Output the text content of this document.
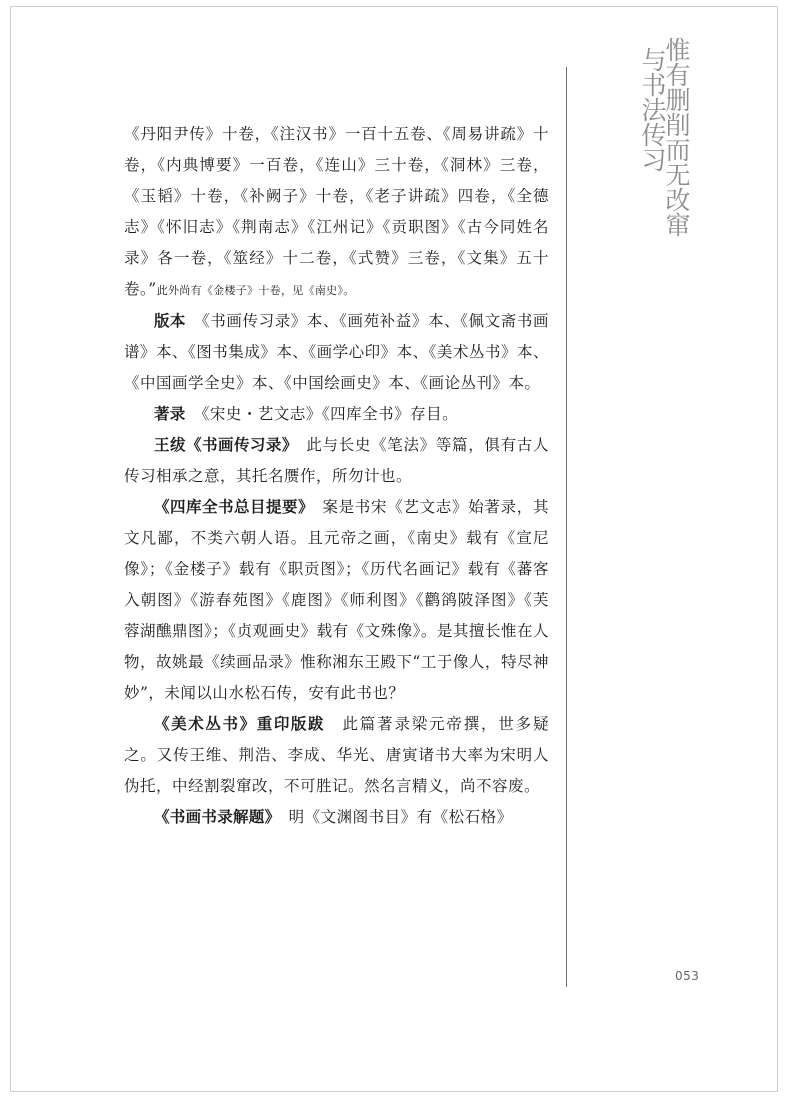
《丹阳尹传》十卷，《注汉书》一百十五卷、《周易讲疏》十卷，《内典博要》一百卷，《连山》三十卷，《洞林》三卷，《玉韬》十卷，《补阙子》十卷，《老子讲疏》四卷，《全德志》《怀旧志》《荆南志》《江州记》《贡职图》《古今同姓名录》各一卷，《筮经》十二卷，《式赞》三卷，《文集》五十卷。”此外尚有《金楼子》十卷，见《南史》。

版本　《书画传习录》本、《画苑补益》本、《佩文斋书画谱》本、《图书集成》本、《画学心印》本、《美术丛书》本、《中国画学全史》本、《中国绘画史》本、《画论丛刊》本。

著录　《宋史・艺文志》《四库全书》存目。

王绂《书画传习录》　此与长史《笔法》等篇，俱有古人传习相承之意，其托名赝作，所勿计也。

《四库全书总目提要》　案是书宋《艺文志》始著录，其文凡鄙，不类六朝人语。且元帝之画，《南史》载有《宣尼像》；《金楼子》载有《职贡图》；《历代名画记》载有《蕃客入朝图》《游春苑图》《鹿图》《师利图》《鹳鹆陂泽图》《芙蓉湖醮鼎图》；《贞观画史》载有《文殊像》。是其擅长惟在人物，故姚最《续画品录》惟称湘东王殿下“工于像人，特尽神妙”，未闻以山水松石传，安有此书也？

《美术丛书》重印版跋　此篇著录梁元帝撰，世多疑之。又传王维、荆浩、李成、华光、唐寅诸书大率为宋明人伪托，中经割裂窜改，不可胜记。然名言精义，尚不容废。

《书画书录解题》　明《文渊阁书目》有《松石格》

惟有删削而无改窜
与书法传习
053
